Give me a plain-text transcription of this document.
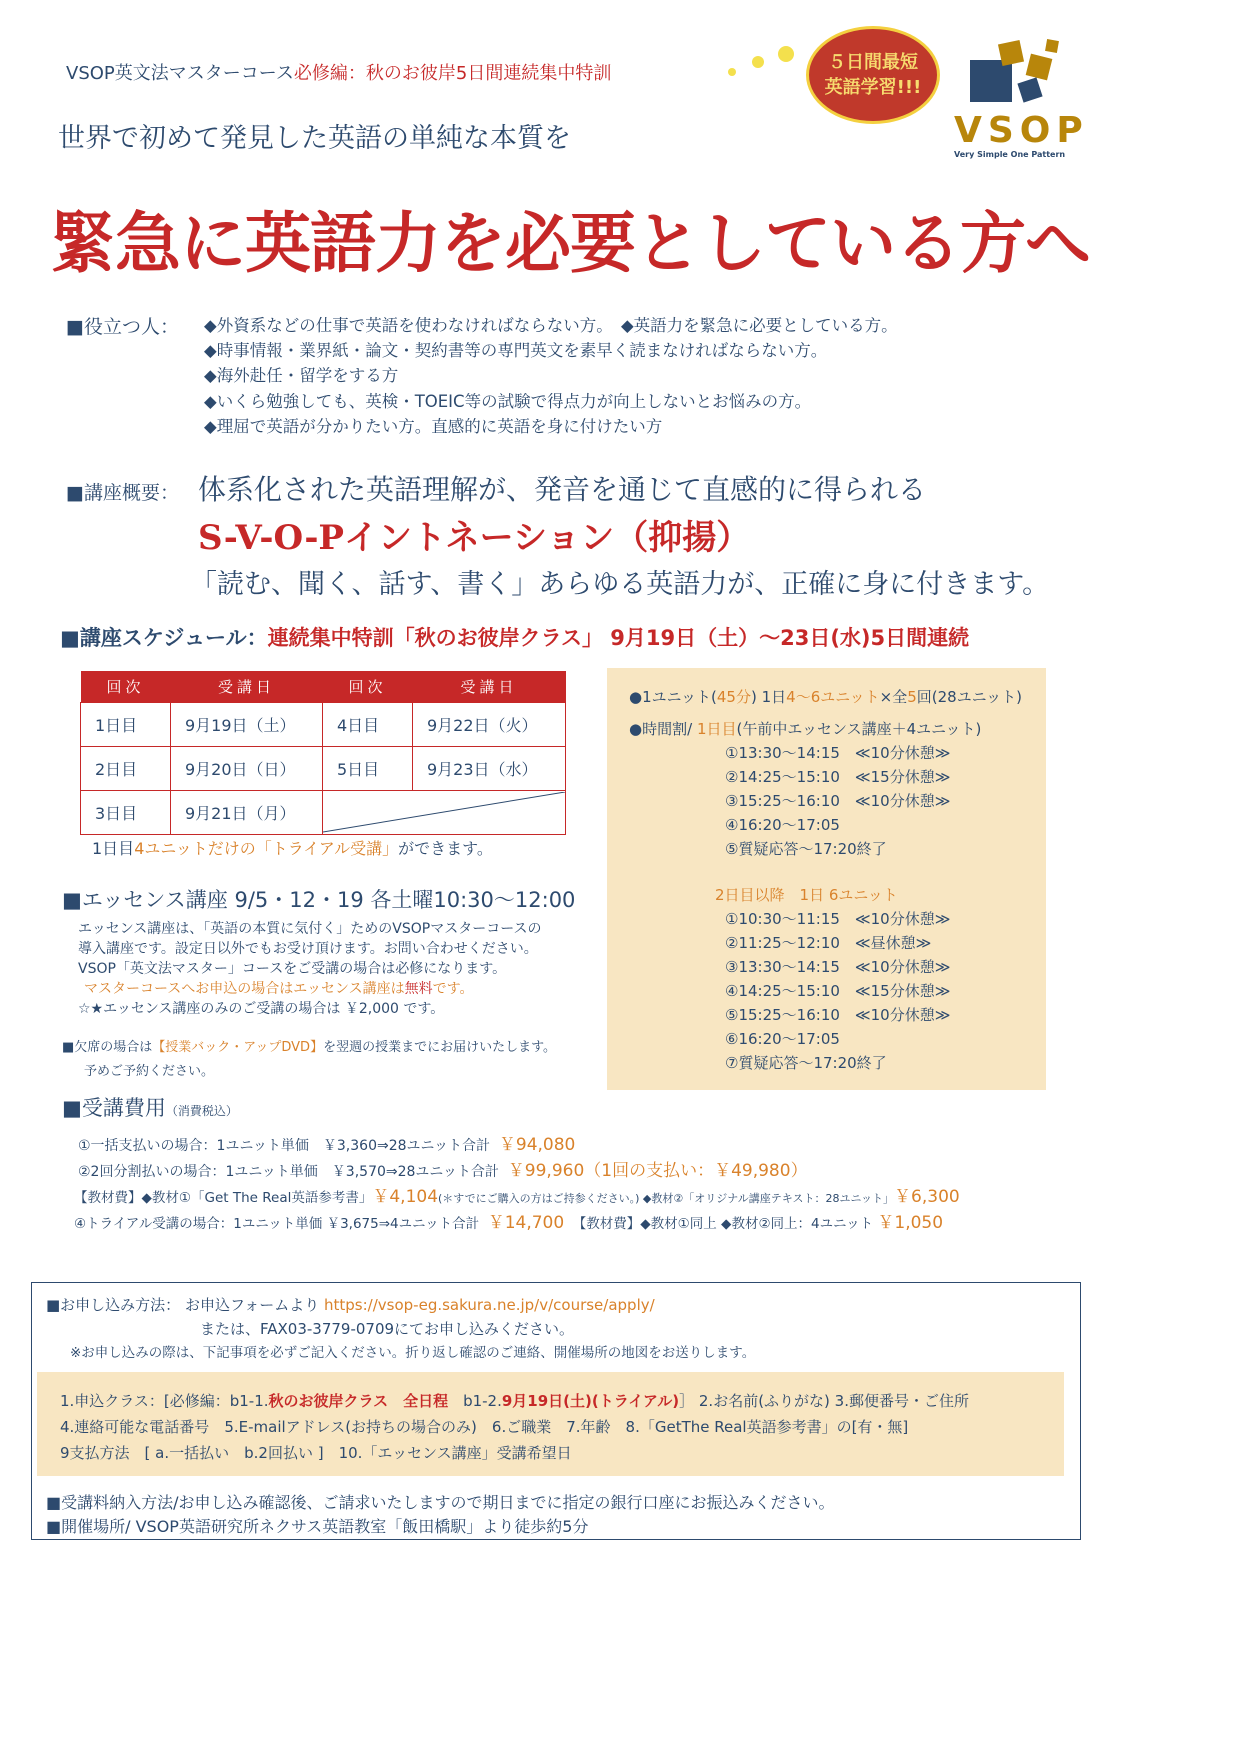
VSOP英文法マスターコース必修編：秋のお彼岸5日間連続集中特訓
５日間最短
英語学習!!!
VSOP
Very Simple One Pattern
世界で初めて発見した英語の単純な本質を
緊急に英語力を必要としている方へ
■役立つ人： ◆外資系などの仕事で英語を使わなければならない方。　◆英語力を緊急に必要としている方。
◆時事情報・業界紙・論文・契約書等の専門英文を素早く読まなければならない方。
◆海外赴任・留学をする方
◆いくら勉強しても、英検・TOEIC等の試験で得点力が向上しないとお悩みの方。
◆理屈で英語が分かりたい方。直感的に英語を身に付けたい方
■講座概要： 体系化された英語理解が、発音を通じて直感的に得られる
S-V-O-Pイントネーション（抑揚）
「読む、聞く、話す、書く」あらゆる英語力が、正確に身に付きます。
■講座スケジュール：連続集中特訓「秋のお彼岸クラス」 9月19日（土）～23日(水)5日間連続
回次	受講日	回次	受講日
1日目	9月19日（土）	4日目	9月22日（火）
2日目	9月20日（日）	5日目	9月23日（水）
3日目	9月21日（月）	
1日目4ユニットだけの「トライアル受講」ができます。
●1ユニット(45分) 1日4～6ユニット×全5回(28ユニット)
●時間割/ 1日目(午前中エッセンス講座＋4ユニット)
①13:30～14:15　≪10分休憩≫
②14:25～15:10　≪15分休憩≫
③15:25～16:10　≪10分休憩≫
④16:20～17:05
⑤質疑応答～17:20終了
2日目以降　1日 6ユニット
①10:30～11:15　≪10分休憩≫
②11:25～12:10　≪昼休憩≫
③13:30～14:15　≪10分休憩≫
④14:25～15:10　≪15分休憩≫
⑤15:25～16:10　≪10分休憩≫
⑥16:20～17:05
⑦質疑応答～17:20終了
■エッセンス講座 9/5・12・19 各土曜10:30～12:00
エッセンス講座は、「英語の本質に気付く」ためのVSOPマスターコースの
導入講座です。設定日以外でもお受け頂けます。お問い合わせください。
VSOP「英文法マスター」コースをご受講の場合は必修になります。
マスターコースへお申込の場合はエッセンス講座は無料です。
☆★エッセンス講座のみのご受講の場合は ￥2,000 です。
■欠席の場合は【授業バック・アップDVD】を翌週の授業までにお届けいたします。
予めご予約ください。
■受講費用（消費税込）
①一括支払いの場合：1ユニット単価　￥3,360⇒28ユニット合計 ￥94,080
②2回分割払いの場合：1ユニット単価　￥3,570⇒28ユニット合計 ￥99,960（1回の支払い：￥49,980）
【教材費】◆教材①「Get The Real英語参考書」￥4,104(＊すでにご購入の方はご持参ください。) ◆教材②「オリジナル講座テキスト：28ユニット」￥6,300
④トライアル受講の場合：1ユニット単価 ￥3,675⇒4ユニット合計 ￥14,700 【教材費】◆教材①同上 ◆教材②同上：4ユニット ￥1,050
■お申し込み方法： お申込フォームより https://vsop-eg.sakura.ne.jp/v/course/apply/
または、FAX03-3779-0709にてお申し込みください。
※お申し込みの際は、下記事項を必ずご記入ください。折り返し確認のご連絡、開催場所の地図をお送りします。
1.申込クラス：[必修編：b1-1.秋のお彼岸クラス　全日程　b1-2.9月19日(土)(トライアル)］ 2.お名前(ふりがな) 3.郵便番号・ご住所
4.連絡可能な電話番号　5.E-mailアドレス(お持ちの場合のみ)　6.ご職業　7.年齢　8.「GetThe Real英語参考書」の[有・無]
9支払方法　[ a.一括払い　b.2回払い ]　10.「エッセンス講座」受講希望日
■受講料納入方法/お申し込み確認後、ご請求いたしますので期日までに指定の銀行口座にお振込みください。
■開催場所/ VSOP英語研究所ネクサス英語教室「飯田橋駅」より徒歩約5分
